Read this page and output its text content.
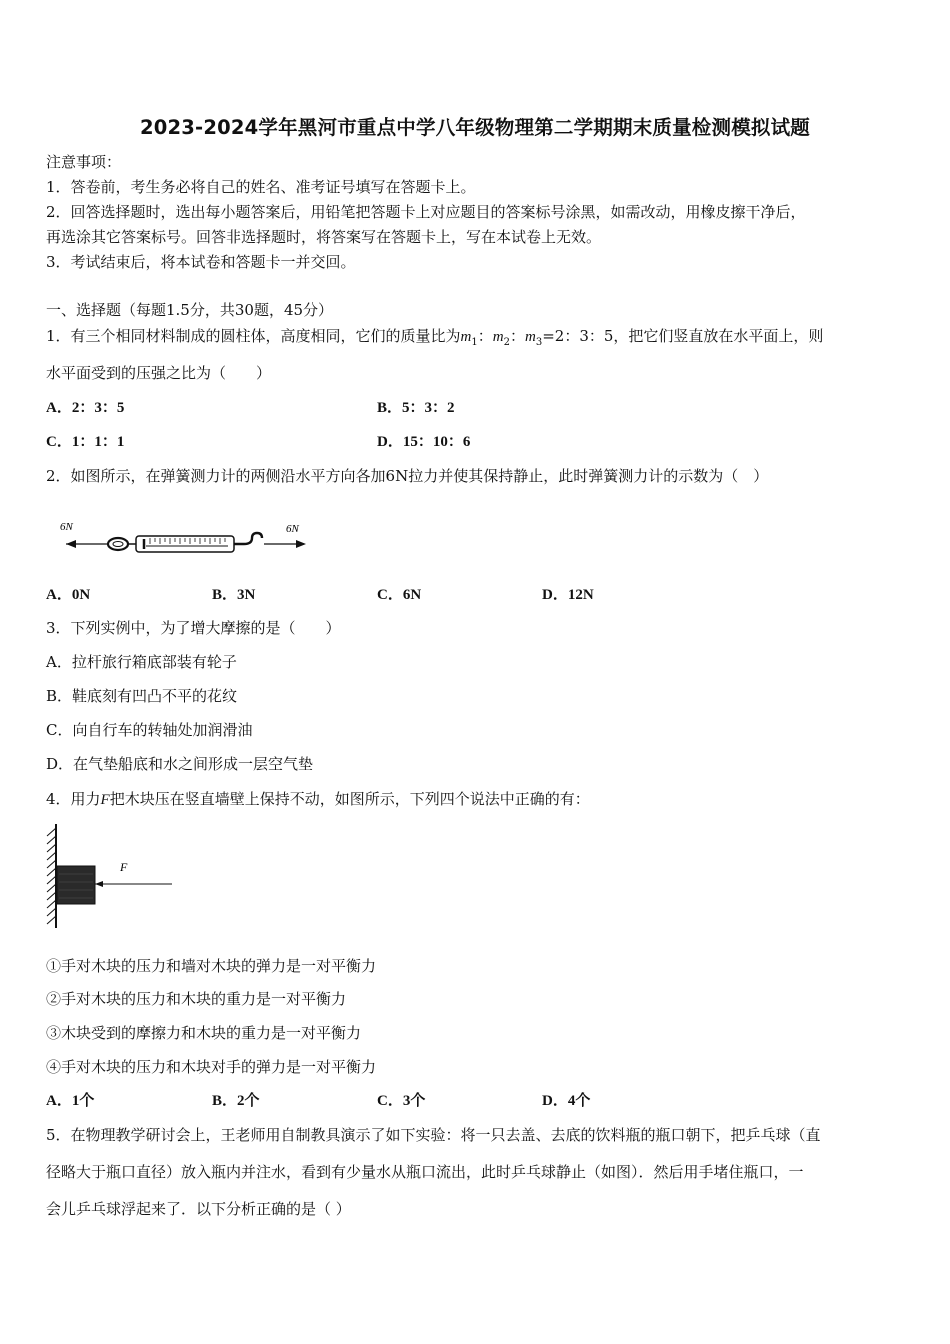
2023-2024学年黑河市重点中学八年级物理第二学期期末质量检测模拟试题
注意事项：
1．答卷前，考生务必将自己的姓名、准考证号填写在答题卡上。
2．回答选择题时，选出每小题答案后，用铅笔把答题卡上对应题目的答案标号涂黑，如需改动，用橡皮擦干净后，
再选涂其它答案标号。回答非选择题时，将答案写在答题卡上，写在本试卷上无效。
3．考试结束后，将本试卷和答题卡一并交回。
一、选择题（每题1.5分，共30题，45分）
1．有三个相同材料制成的圆柱体，高度相同，它们的质量比为$m_1$：$m_2$：$m_3=2$：3：5，把它们竖直放在水平面上，则
水平面受到的压强之比为（　　）
A．2：3：5	B．5：3：2
C．1：1：1	D．15：10：6
2．如图所示，在弹簧测力计的两侧沿水平方向各加6N拉力并使其保持静止，此时弹簧测力计的示数为（　）
6N	6N
A．0N	B．3N	C．6N	D．12N
3．下列实例中，为了增大摩擦的是（　　）
A．拉杆旅行箱底部装有轮子
B．鞋底刻有凹凸不平的花纹
C．向自行车的转轴处加润滑油
D．在气垫船底和水之间形成一层空气垫
4．用力F把木块压在竖直墙壁上保持不动，如图所示，下列四个说法中正确的有：
F
①手对木块的压力和墙对木块的弹力是一对平衡力
②手对木块的压力和木块的重力是一对平衡力
③木块受到的摩擦力和木块的重力是一对平衡力
④手对木块的压力和木块对手的弹力是一对平衡力
A．1个	B．2个	C．3个	D．4个
5．在物理教学研讨会上，王老师用自制教具演示了如下实验：将一只去盖、去底的饮料瓶的瓶口朝下，把乒乓球（直
径略大于瓶口直径）放入瓶内并注水，看到有少量水从瓶口流出，此时乒乓球静止（如图）．然后用手堵住瓶口，一
会儿乒乓球浮起来了．以下分析正确的是（ ）
